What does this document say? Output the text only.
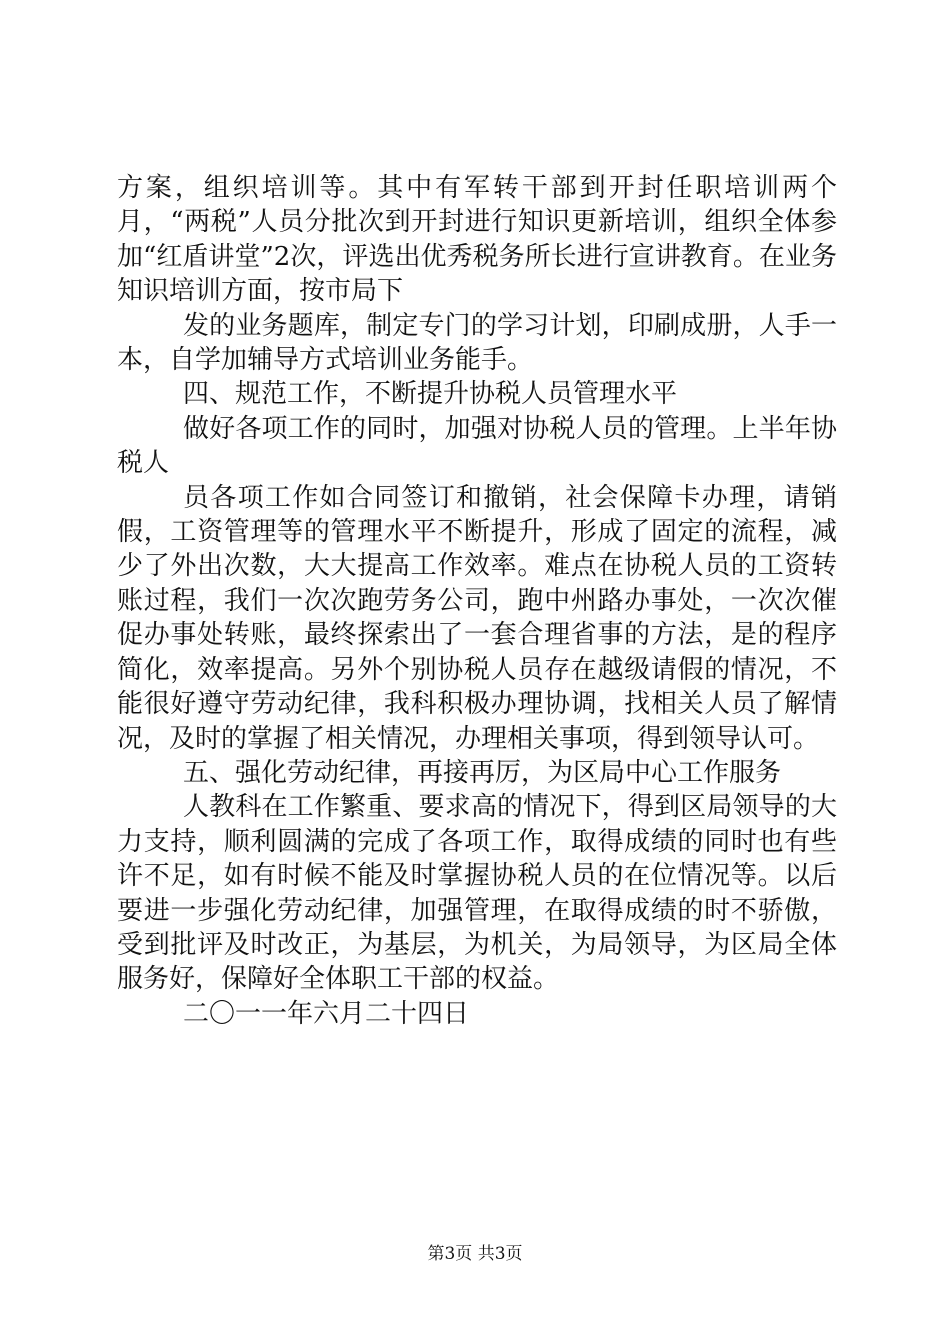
方案，组织培训等。其中有军转干部到开封任职培训两个月，“两税”人员分批次到开封进行知识更新培训，组织全体参加“红盾讲堂”2次，评选出优秀税务所长进行宣讲教育。在业务知识培训方面，按市局下

发的业务题库，制定专门的学习计划，印刷成册，人手一本，自学加辅导方式培训业务能手。

四、规范工作，不断提升协税人员管理水平

做好各项工作的同时，加强对协税人员的管理。上半年协税人

员各项工作如合同签订和撤销，社会保障卡办理，请销假，工资管理等的管理水平不断提升，形成了固定的流程，减少了外出次数，大大提高工作效率。难点在协税人员的工资转账过程，我们一次次跑劳务公司，跑中州路办事处，一次次催促办事处转账，最终探索出了一套合理省事的方法，是的程序简化，效率提高。另外个别协税人员存在越级请假的情况，不能很好遵守劳动纪律，我科积极办理协调，找相关人员了解情况，及时的掌握了相关情况，办理相关事项，得到领导认可。

五、强化劳动纪律，再接再厉，为区局中心工作服务

人教科在工作繁重、要求高的情况下，得到区局领导的大力支持，顺利圆满的完成了各项工作，取得成绩的同时也有些许不足，如有时候不能及时掌握协税人员的在位情况等。以后要进一步强化劳动纪律，加强管理，在取得成绩的时不骄傲，受到批评及时改正，为基层，为机关，为局领导，为区局全体服务好，保障好全体职工干部的权益。

二〇一一年六月二十四日

第3页 共3页
